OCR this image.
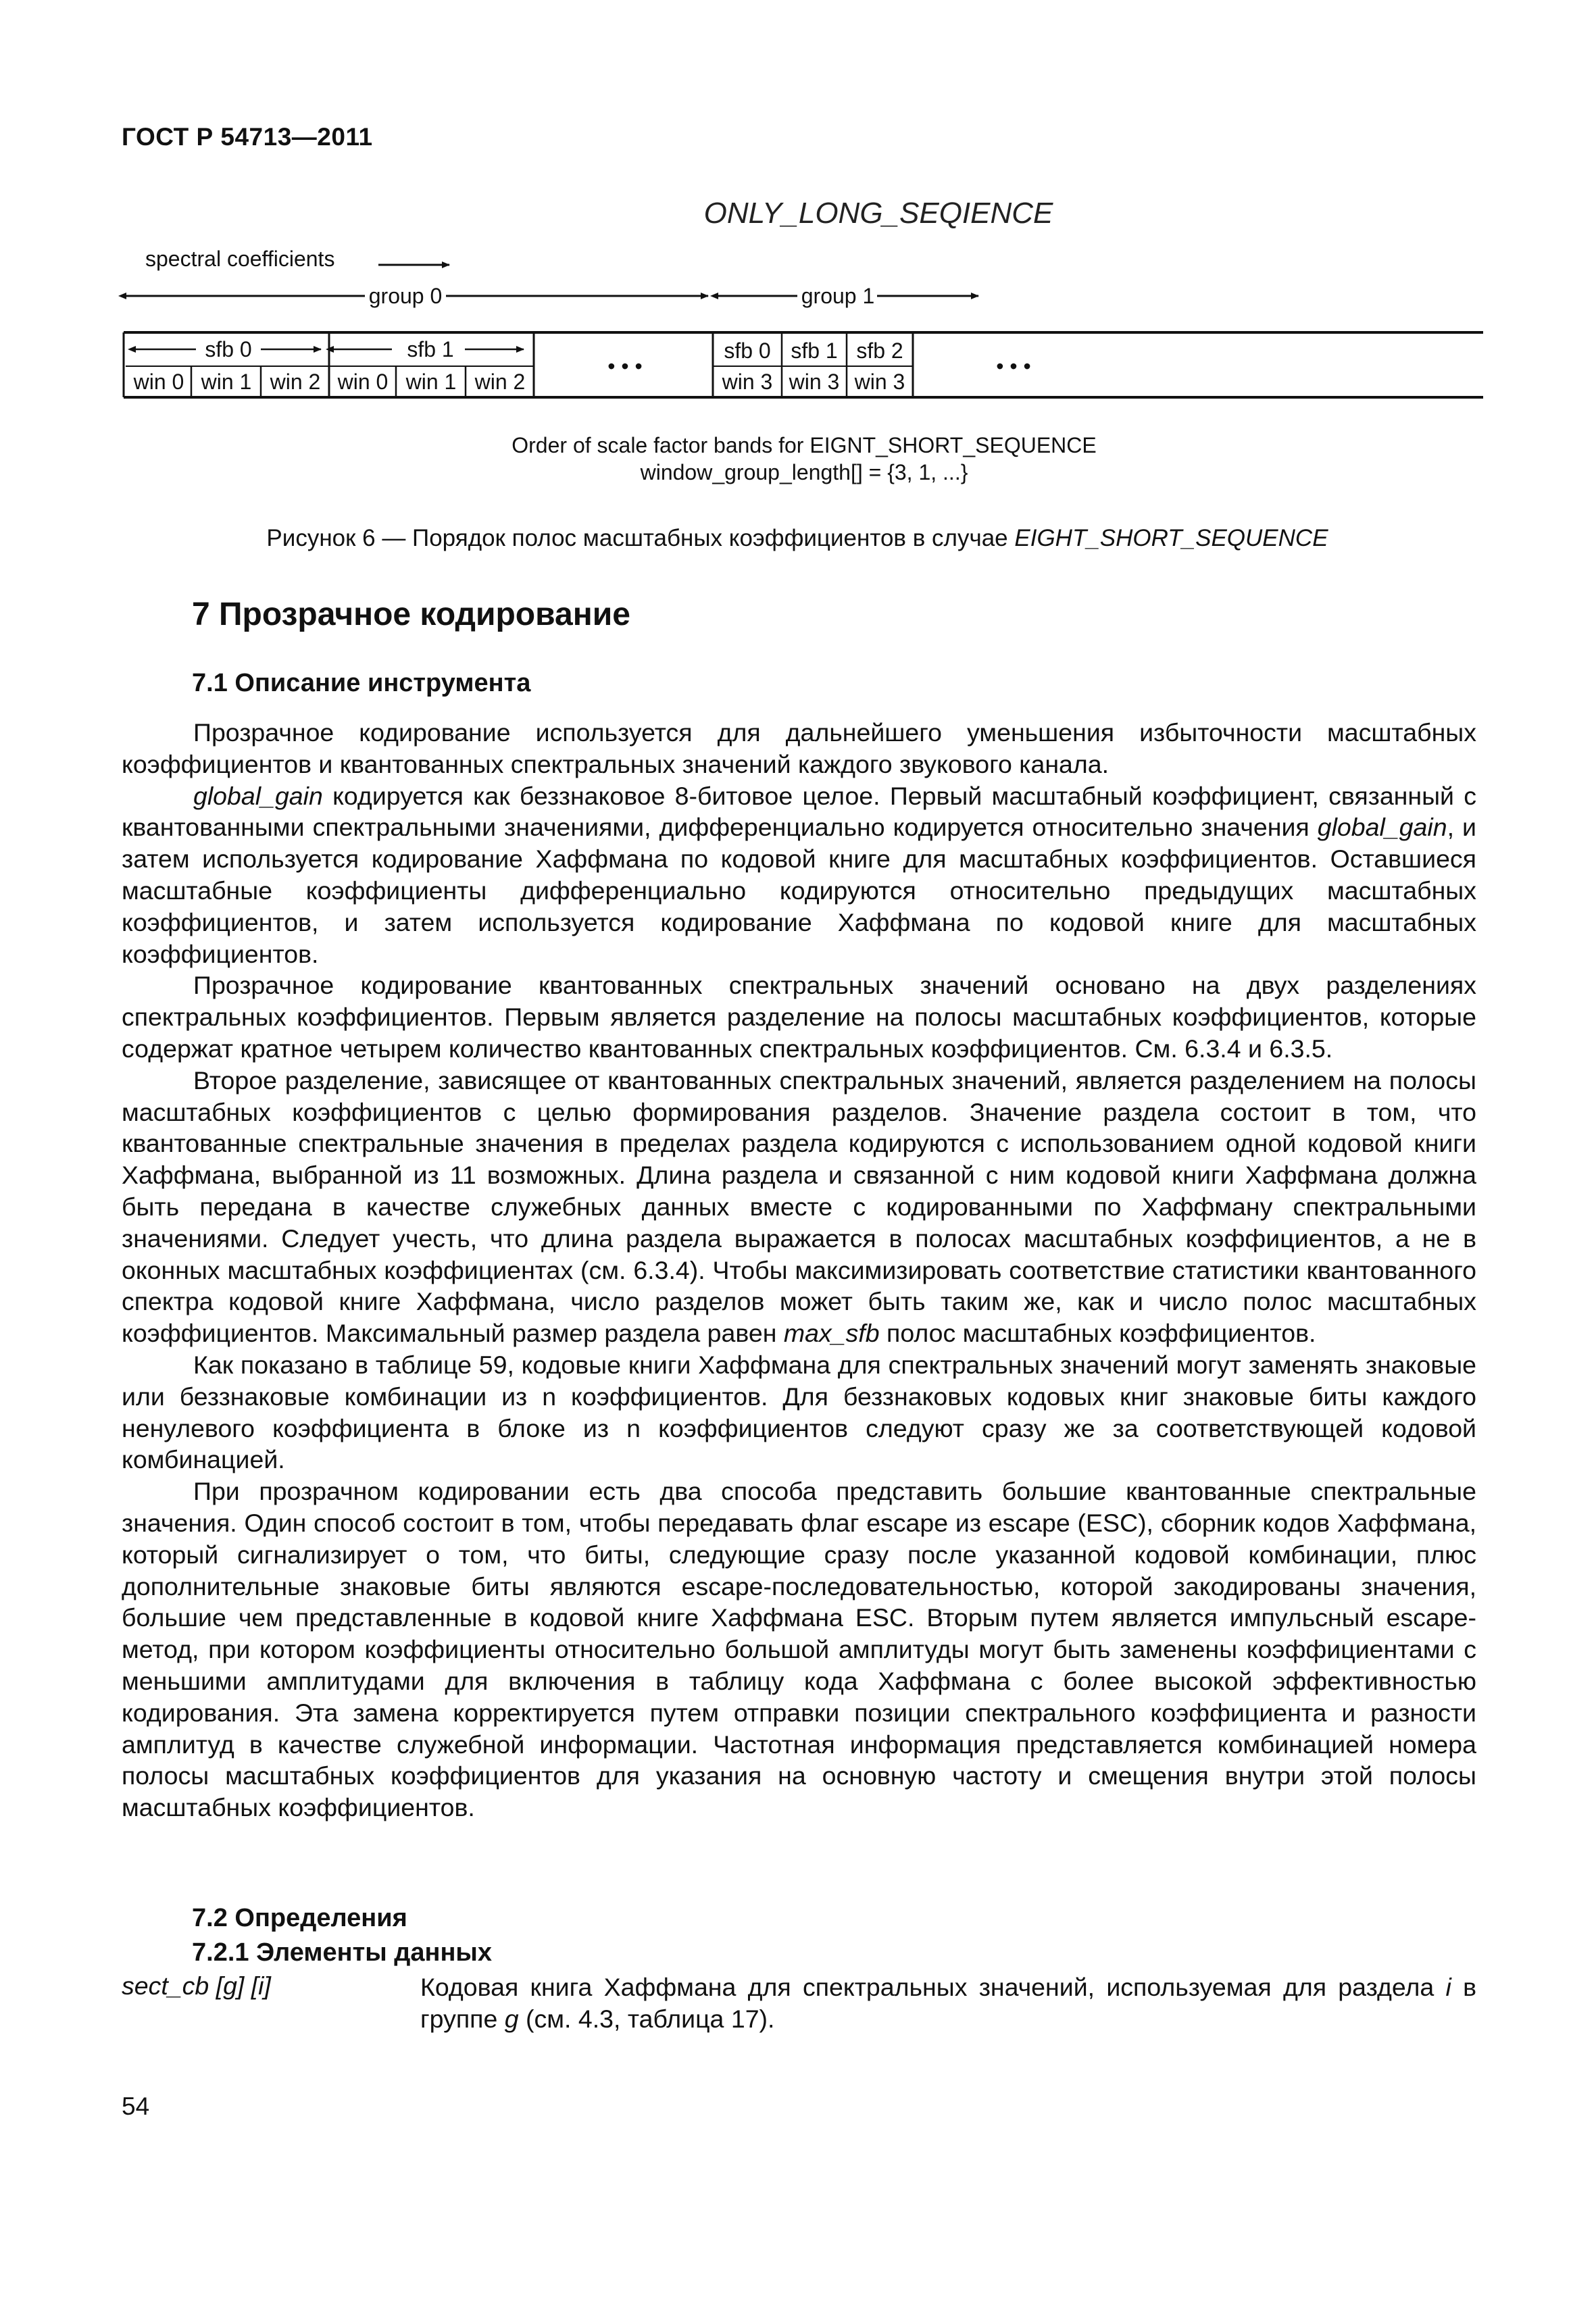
ГОСТ Р 54713—2011
ONLY_LONG_SEQIENCE
spectral coefficients
group 0	group 1
sfb 0	sfb 1
win 0 win 1 win 2 win 0 win 1 win 2
• • •
sfb 0 sfb 1 sfb 2
win 3 win 3 win 3
• • •
Order of scale factor bands for EIGNT_SHORT_SEQUENCE
window_group_length[] = {3, 1, ...}
Рисунок 6 — Порядок полос масштабных коэффициентов в случае EIGHT_SHORT_SEQUENCE
7 Прозрачное кодирование
7.1 Описание инструмента

Прозрачное кодирование используется для дальнейшего уменьшения избыточности масштабных коэффициентов и квантованных спектральных значений каждого звукового канала.

global_gain кодируется как беззнаковое 8-битовое целое. Первый масштабный коэффициент, связанный с квантованными спектральными значениями, дифференциально кодируется относительно значения global_gain, и затем используется кодирование Хаффмана по кодовой книге для масштабных коэффициентов. Оставшиеся масштабные коэффициенты дифференциально кодируются относительно предыдущих масштабных коэффициентов, и затем используется кодирование Хаффмана по кодовой книге для масштабных коэффициентов.

Прозрачное кодирование квантованных спектральных значений основано на двух разделениях спектральных коэффициентов. Первым является разделение на полосы масштабных коэффициентов, которые содержат кратное четырем количество квантованных спектральных коэффициентов. См. 6.3.4 и 6.3.5.

Второе разделение, зависящее от квантованных спектральных значений, является разделением на полосы масштабных коэффициентов с целью формирования разделов. Значение раздела состоит в том, что квантованные спектральные значения в пределах раздела кодируются с использованием одной кодовой книги Хаффмана, выбранной из 11 возможных. Длина раздела и связанной с ним кодовой книги Хаффмана должна быть передана в качестве служебных данных вместе с кодированными по Хаффману спектральными значениями. Следует учесть, что длина раздела выражается в полосах масштабных коэффициентов, а не в оконных масштабных коэффициентах (см. 6.3.4). Чтобы максимизировать соответствие статистики квантованного спектра кодовой книге Хаффмана, число разделов может быть таким же, как и число полос масштабных коэффициентов. Максимальный размер раздела равен max_sfb полос масштабных коэффициентов.

Как показано в таблице 59, кодовые книги Хаффмана для спектральных значений могут заменять знаковые или беззнаковые комбинации из n коэффициентов. Для беззнаковых кодовых книг знаковые биты каждого ненулевого коэффициента в блоке из n коэффициентов следуют сразу же за соответствующей кодовой комбинацией.

При прозрачном кодировании есть два способа представить большие квантованные спектральные значения. Один способ состоит в том, чтобы передавать флаг escape из escape (ESC), сборник кодов Хаффмана, который сигнализирует о том, что биты, следующие сразу после указанной кодовой комбинации, плюс дополнительные знаковые биты являются escape-последовательностью, которой закодированы значения, большие чем представленные в кодовой книге Хаффмана ESC. Вторым путем является импульсный escape-метод, при котором коэффициенты относительно большой амплитуды могут быть заменены коэффициентами с меньшими амплитудами для включения в таблицу кода Хаффмана с более высокой эффективностью кодирования. Эта замена корректируется путем отправки позиции спектрального коэффициента и разности амплитуд в качестве служебной информации. Частотная информация представляется комбинацией номера полосы масштабных коэффициентов для указания на основную частоту и смещения внутри этой полосы масштабных коэффициентов.

7.2 Определения
7.2.1 Элементы данных
sect_cb [g] [i]	Кодовая книга Хаффмана для спектральных значений, используемая для раздела i в группе g (см. 4.3, таблица 17).
54
